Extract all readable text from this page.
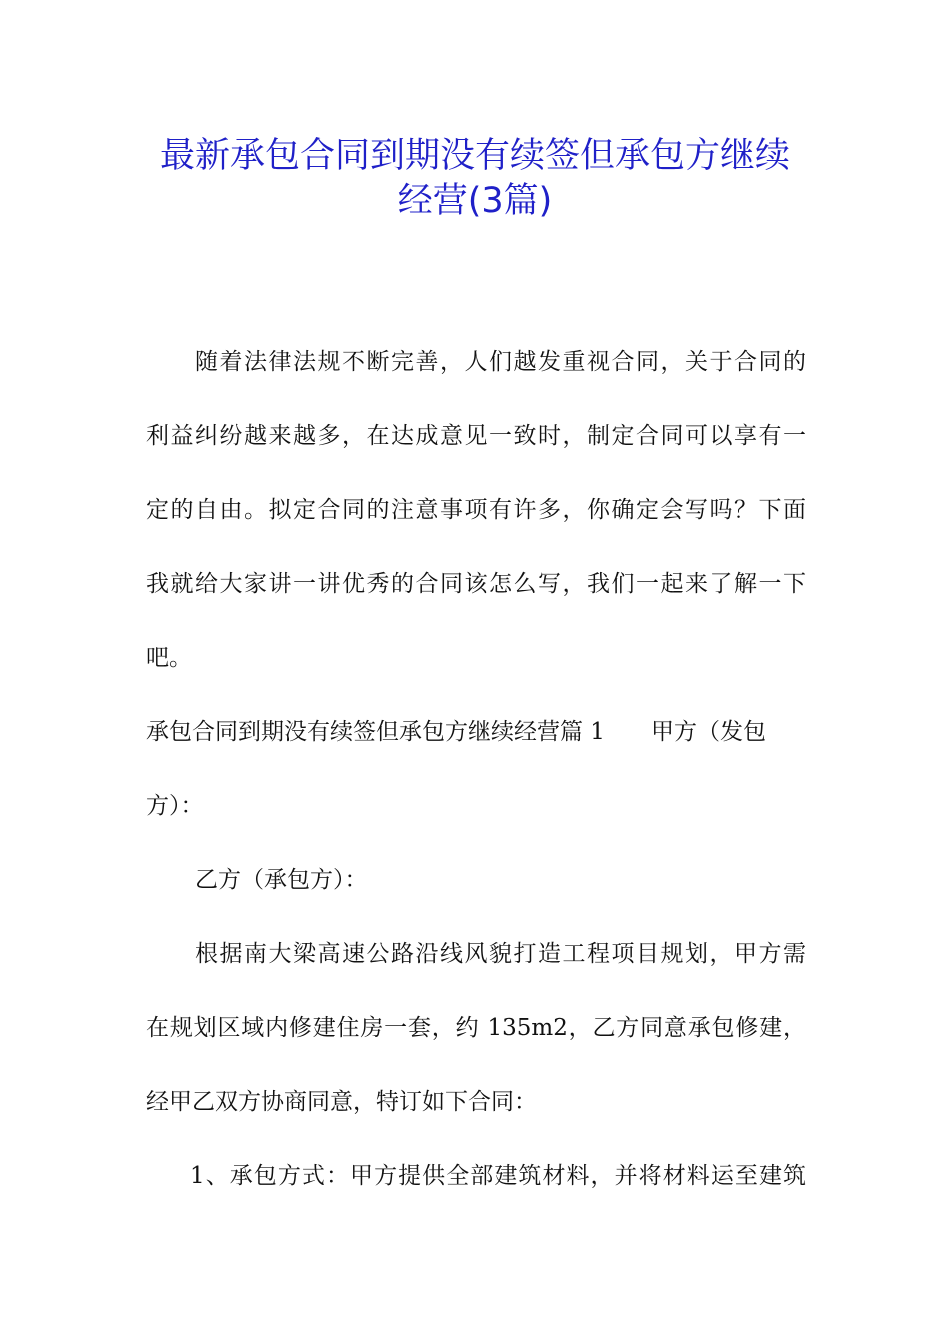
最新承包合同到期没有续签但承包方继续
经营(3篇)
随着法律法规不断完善，人们越发重视合同，关于合同的
利益纠纷越来越多，在达成意见一致时，制定合同可以享有一
定的自由。拟定合同的注意事项有许多，你确定会写吗？下面
我就给大家讲一讲优秀的合同该怎么写，我们一起来了解一下
吧。
承包合同到期没有续签但承包方继续经营篇 1　　甲方（发包
方）：
乙方（承包方）：
根据南大梁高速公路沿线风貌打造工程项目规划，甲方需
在规划区域内修建住房一套，约 135m2，乙方同意承包修建，
经甲乙双方协商同意，特订如下合同：
1、承包方式：甲方提供全部建筑材料，并将材料运至建筑
